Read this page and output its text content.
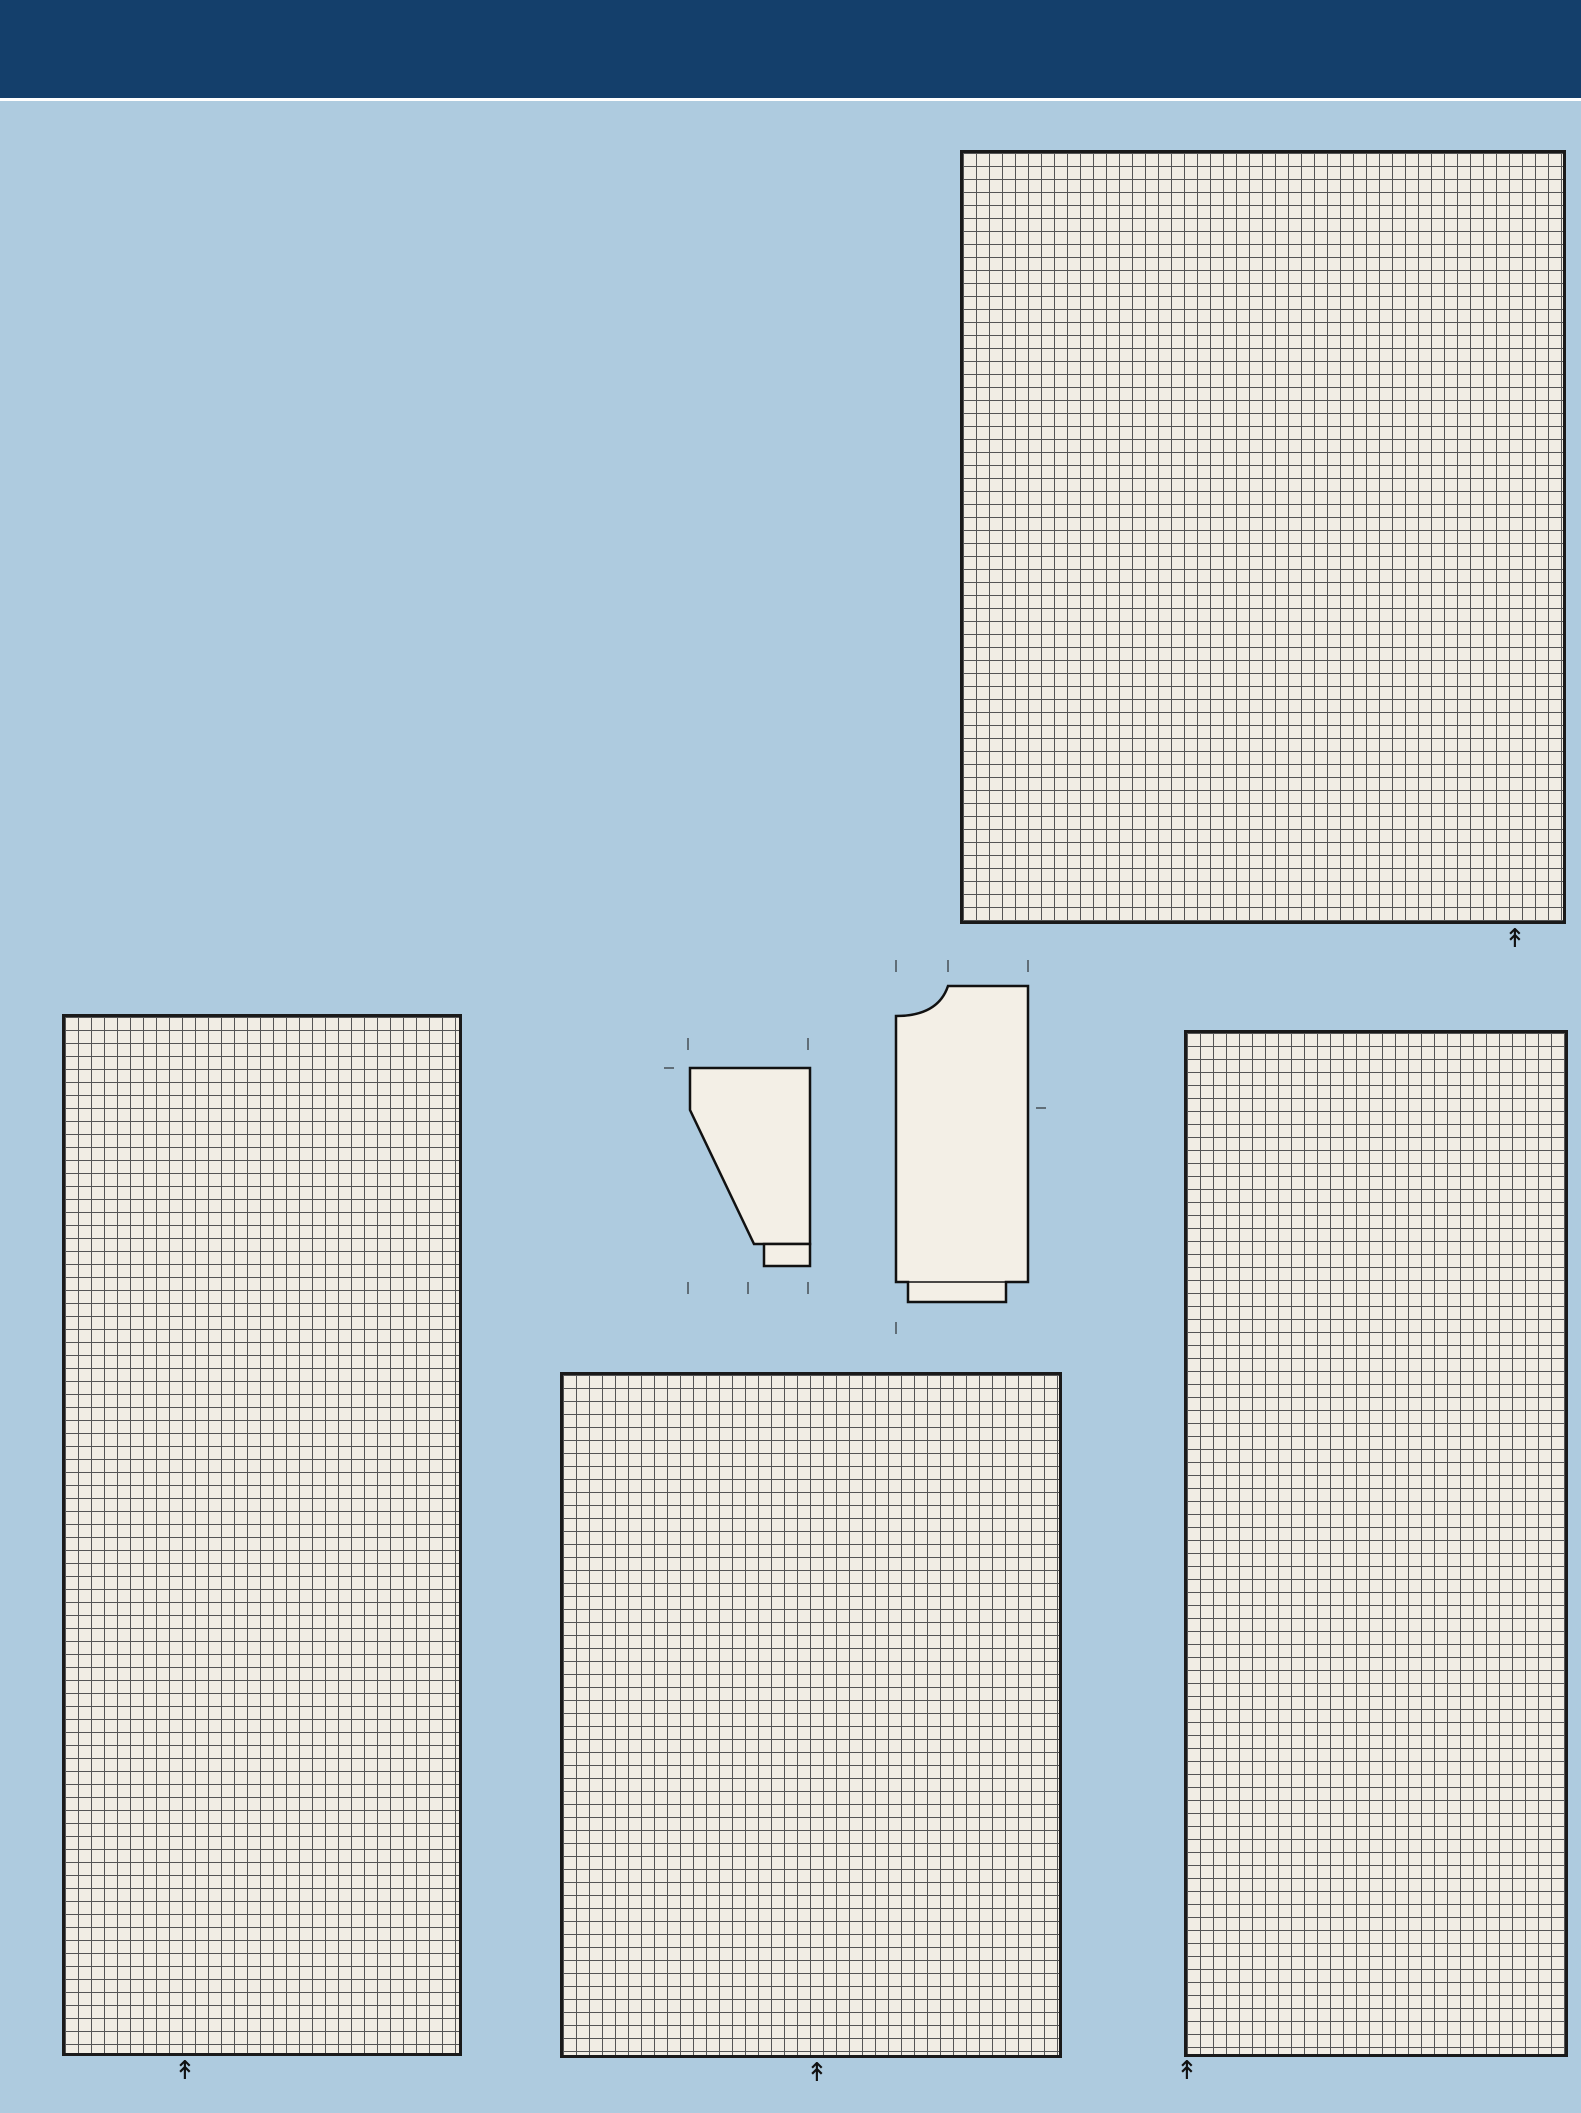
↟
↟	↟
↟
